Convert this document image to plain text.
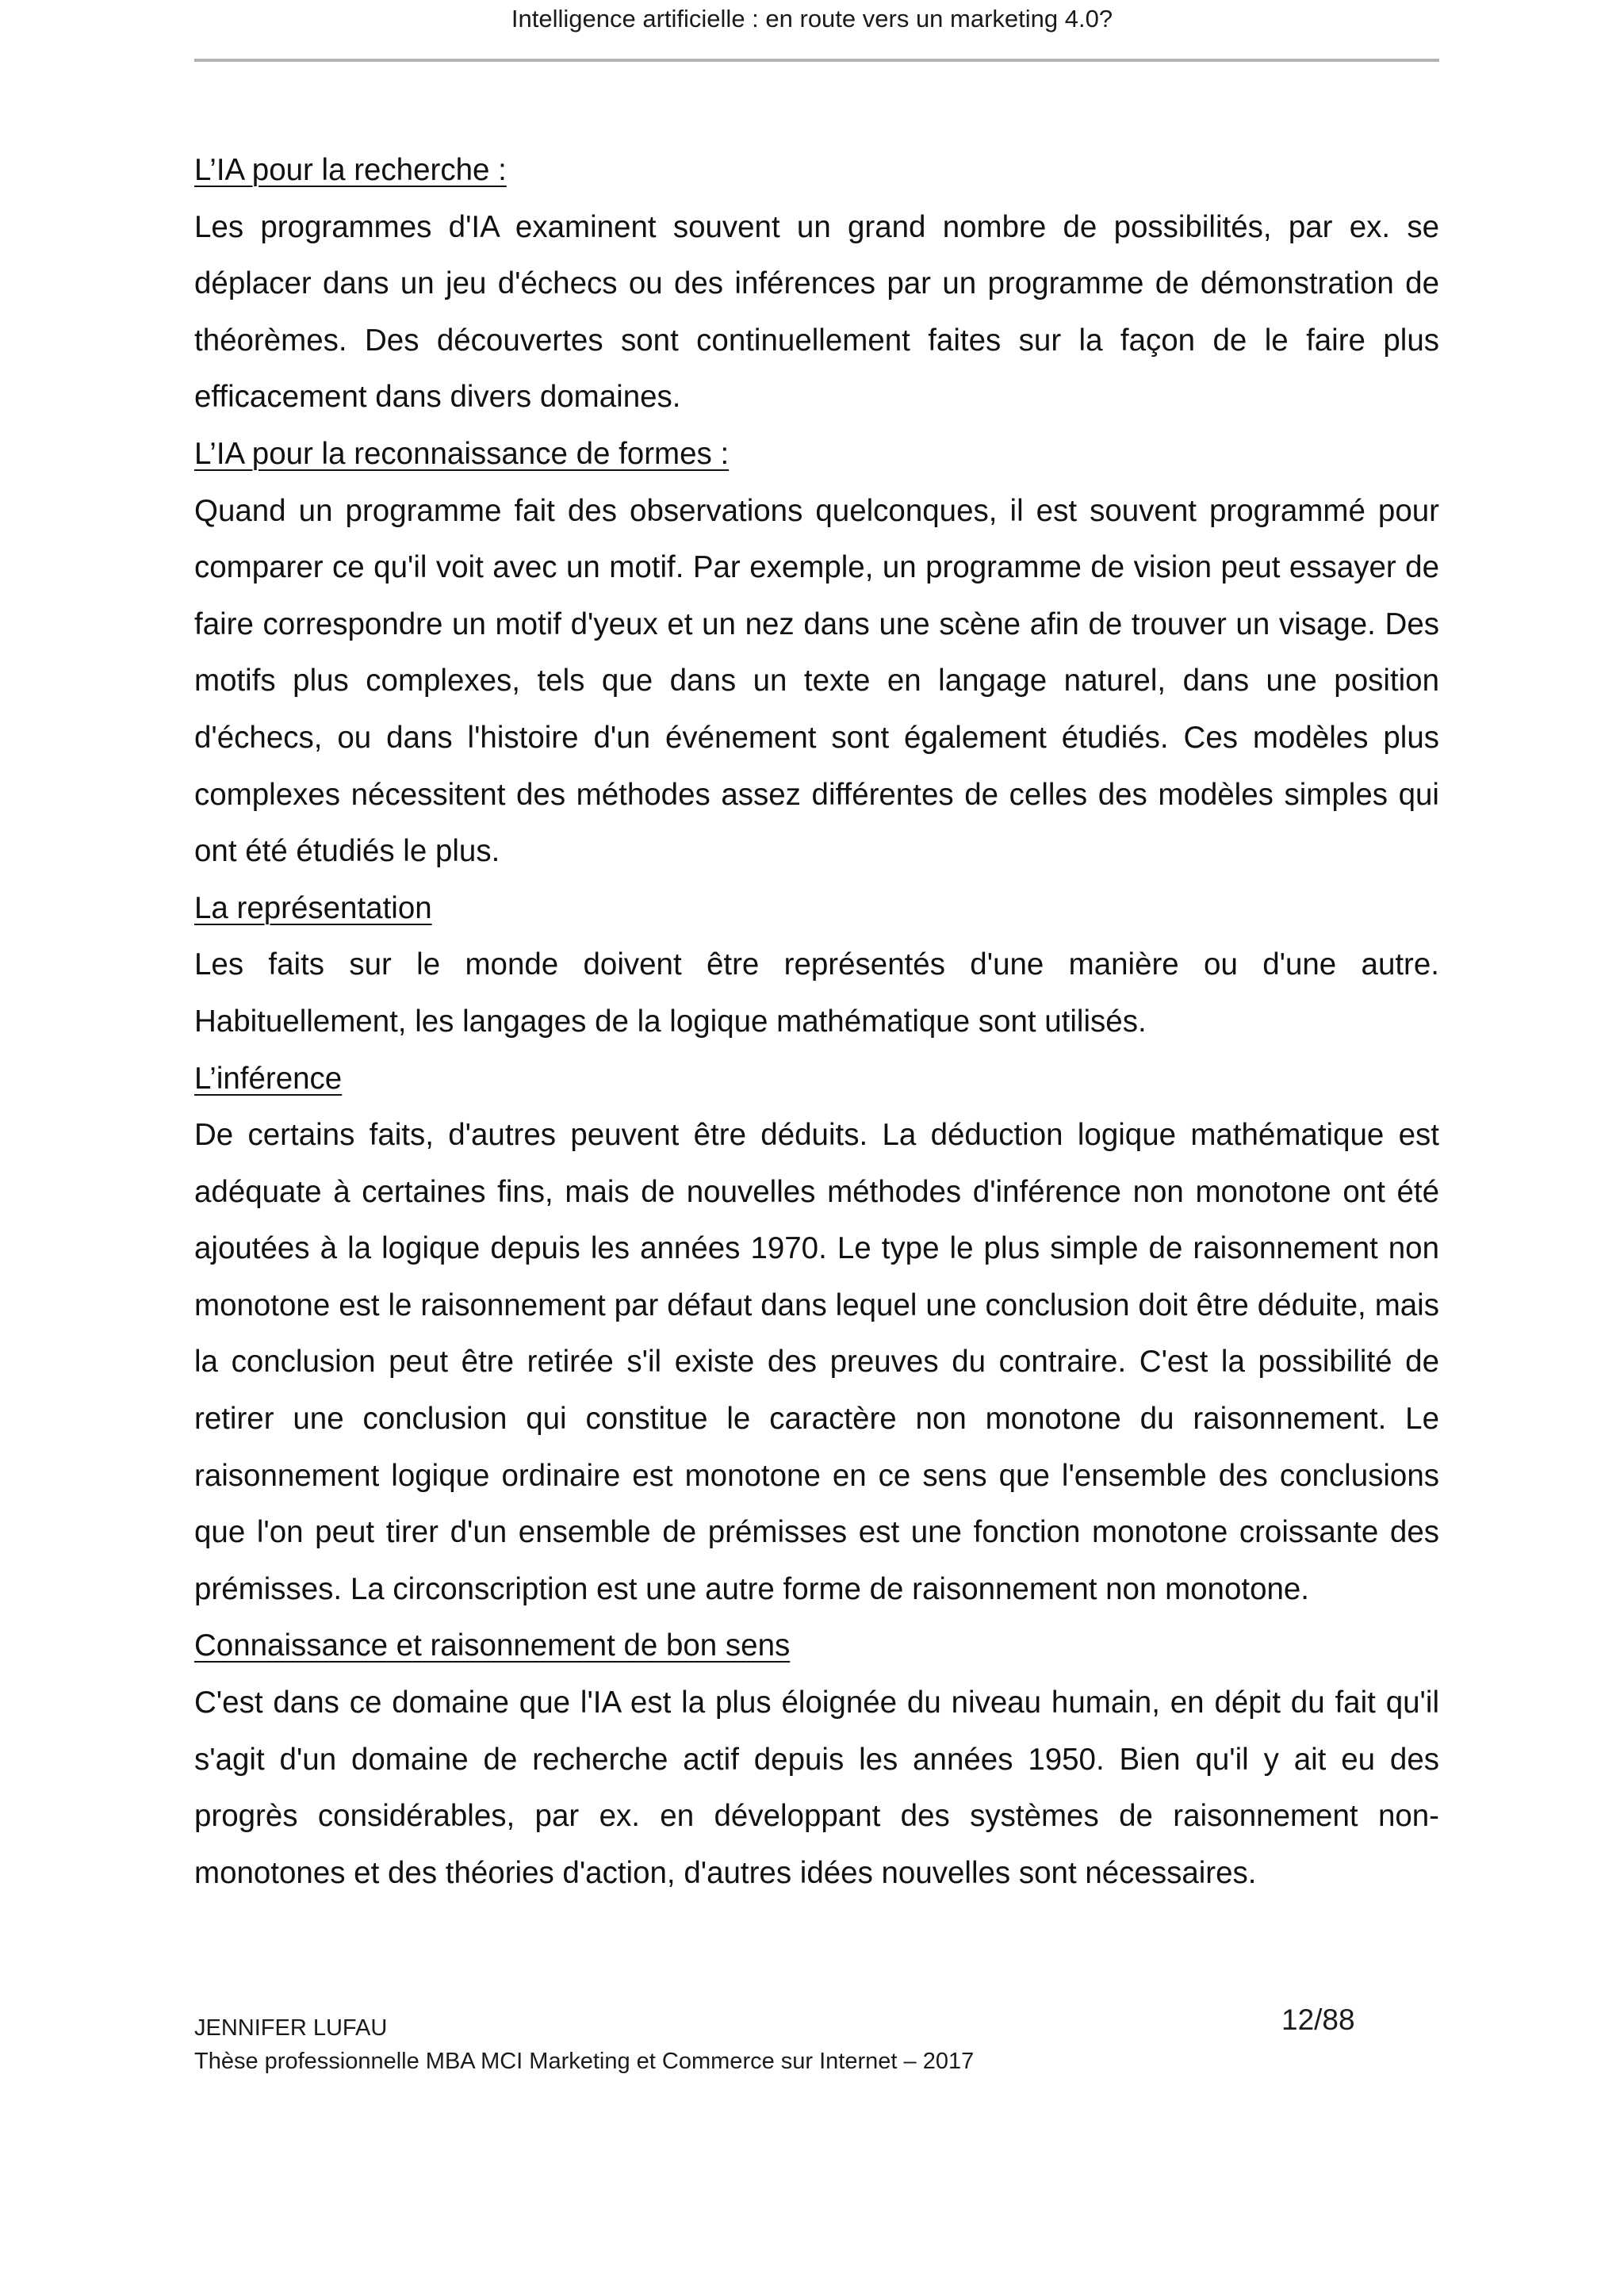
Intelligence artificielle : en route vers un marketing 4.0?
L’IA pour la recherche :

Les programmes d'IA examinent souvent un grand nombre de possibilités, par ex. se déplacer dans un jeu d'échecs ou des inférences par un programme de démonstration de théorèmes. Des découvertes sont continuellement faites sur la façon de le faire plus efficacement dans divers domaines.

L’IA pour la reconnaissance de formes :

Quand un programme fait des observations quelconques, il est souvent programmé pour comparer ce qu'il voit avec un motif. Par exemple, un programme de vision peut essayer de faire correspondre un motif d'yeux et un nez dans une scène afin de trouver un visage. Des motifs plus complexes, tels que dans un texte en langage naturel, dans une position d'échecs, ou dans l'histoire d'un événement sont également étudiés. Ces modèles plus complexes nécessitent des méthodes assez différentes de celles des modèles simples qui ont été étudiés le plus.

La représentation

Les faits sur le monde doivent être représentés d'une manière ou d'une autre. Habituellement, les langages de la logique mathématique sont utilisés.

L’inférence

De certains faits, d'autres peuvent être déduits. La déduction logique mathématique est adéquate à certaines fins, mais de nouvelles méthodes d'inférence non monotone ont été ajoutées à la logique depuis les années 1970. Le type le plus simple de raisonnement non monotone est le raisonnement par défaut dans lequel une conclusion doit être déduite, mais la conclusion peut être retirée s'il existe des preuves du contraire. C'est la possibilité de retirer une conclusion qui constitue le caractère non monotone du raisonnement. Le raisonnement logique ordinaire est monotone en ce sens que l'ensemble des conclusions que l'on peut tirer d'un ensemble de prémisses est une fonction monotone croissante des prémisses. La circonscription est une autre forme de raisonnement non monotone.

Connaissance et raisonnement de bon sens

C'est dans ce domaine que l'IA est la plus éloignée du niveau humain, en dépit du fait qu'il s'agit d'un domaine de recherche actif depuis les années 1950. Bien qu'il y ait eu des progrès considérables, par ex. en développant des systèmes de raisonnement non-monotones et des théories d'action, d'autres idées nouvelles sont nécessaires.

JENNIFER LUFAU	12/88
Thèse professionnelle MBA MCI Marketing et Commerce sur Internet – 2017
